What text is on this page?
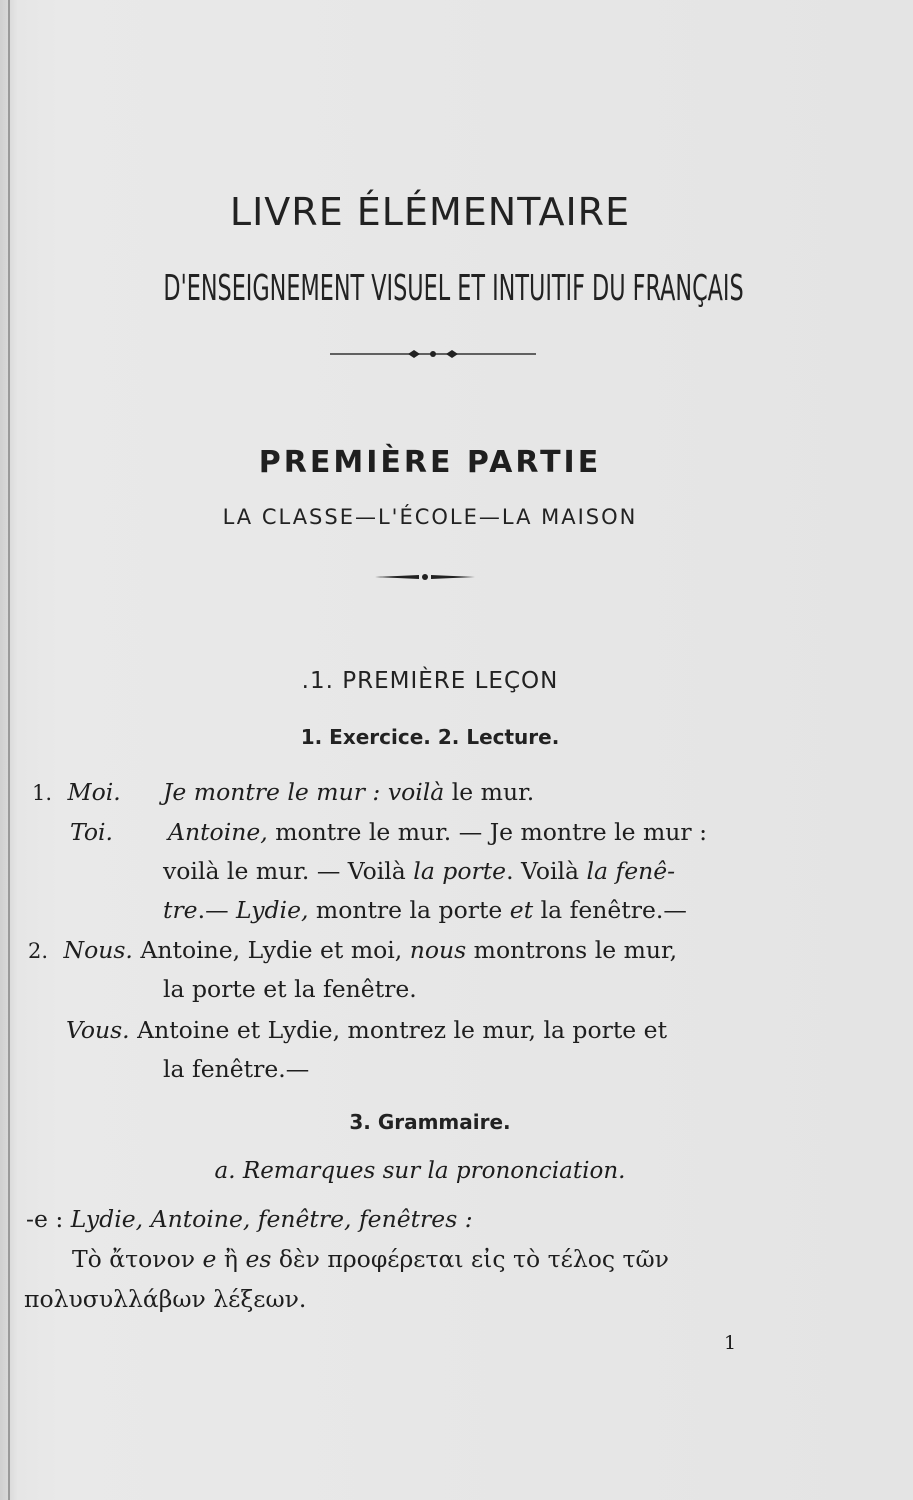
LIVRE ÉLÉMENTAIRE
D'ENSEIGNEMENT VISUEL ET INTUITIF DU FRANÇAIS
PREMIÈRE PARTIE
LA CLASSE—L'ÉCOLE—LA MAISON
.1. PREMIÈRE LEÇON
1. Exercice. 2. Lecture.
1. Moi. Je montre le mur : voilà le mur.
Toi. Antoine, montre le mur. — Je montre le mur :
voilà le mur. — Voilà la porte. Voilà la fenê-
tre.— Lydie, montre la porte et la fenêtre.—
2. Nous. Antoine, Lydie et moi, nous montrons le mur,
la porte et la fenêtre.
Vous. Antoine et Lydie, montrez le mur, la porte et
la fenêtre.—
3. Grammaire.
a. Remarques sur la prononciation.
-e : Lydie, Antoine, fenêtre, fenêtres :
Τὸ ἄτονον e ἢ es δὲν προφέρεται εἰς τὸ τέλος τῶν
πολυσυλλάβων λέξεων.
1
